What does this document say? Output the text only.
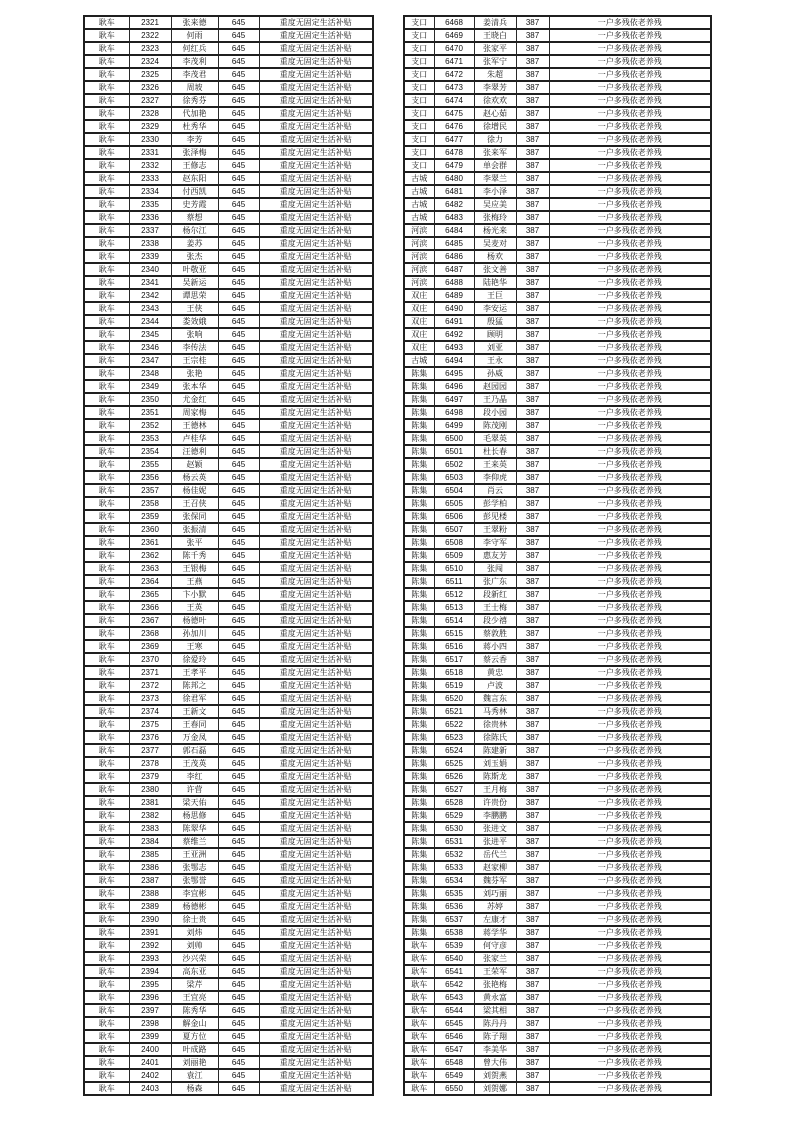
耿车	2321	张来德	645	重度无固定生活补贴
耿车	2322	何雨	645	重度无固定生活补贴
耿车	2323	何红兵	645	重度无固定生活补贴
耿车	2324	李茂利	645	重度无固定生活补贴
耿车	2325	李茂君	645	重度无固定生活补贴
耿车	2326	周坡	645	重度无固定生活补贴
耿车	2327	徐秀芬	645	重度无固定生活补贴
耿车	2328	代加艳	645	重度无固定生活补贴
耿车	2329	杜秀华	645	重度无固定生活补贴
耿车	2330	李芳	645	重度无固定生活补贴
耿车	2331	张泽梅	645	重度无固定生活补贴
耿车	2332	王修志	645	重度无固定生活补贴
耿车	2333	赵东阳	645	重度无固定生活补贴
耿车	2334	付西凯	645	重度无固定生活补贴
耿车	2335	史芳霞	645	重度无固定生活补贴
耿车	2336	蔡想	645	重度无固定生活补贴
耿车	2337	杨尔江	645	重度无固定生活补贴
耿车	2338	姜苏	645	重度无固定生活补贴
耿车	2339	张杰	645	重度无固定生活补贴
耿车	2340	叶敬亚	645	重度无固定生活补贴
耿车	2341	吴新运	645	重度无固定生活补贴
耿车	2342	谭思荣	645	重度无固定生活补贴
耿车	2343	王侠	645	重度无固定生活补贴
耿车	2344	娄效娥	645	重度无固定生活补贴
耿车	2345	张响	645	重度无固定生活补贴
耿车	2346	李传法	645	重度无固定生活补贴
耿车	2347	王宗桂	645	重度无固定生活补贴
耿车	2348	张艳	645	重度无固定生活补贴
耿车	2349	张本华	645	重度无固定生活补贴
耿车	2350	尤金红	645	重度无固定生活补贴
耿车	2351	周家梅	645	重度无固定生活补贴
耿车	2352	王德林	645	重度无固定生活补贴
耿车	2353	卢桂华	645	重度无固定生活补贴
耿车	2354	汪德利	645	重度无固定生活补贴
耿车	2355	赵颖	645	重度无固定生活补贴
耿车	2356	杨云英	645	重度无固定生活补贴
耿车	2357	杨佳妮	645	重度无固定生活补贴
耿车	2358	王召侠	645	重度无固定生活补贴
耿车	2359	张保同	645	重度无固定生活补贴
耿车	2360	张振清	645	重度无固定生活补贴
耿车	2361	张平	645	重度无固定生活补贴
耿车	2362	陈千秀	645	重度无固定生活补贴
耿车	2363	王银梅	645	重度无固定生活补贴
耿车	2364	王燕	645	重度无固定生活补贴
耿车	2365	卞小默	645	重度无固定生活补贴
耿车	2366	王英	645	重度无固定生活补贴
耿车	2367	杨德叶	645	重度无固定生活补贴
耿车	2368	孙加川	645	重度无固定生活补贴
耿车	2369	王寒	645	重度无固定生活补贴
耿车	2370	徐爱玲	645	重度无固定生活补贴
耿车	2371	王孝平	645	重度无固定生活补贴
耿车	2372	陈邦之	645	重度无固定生活补贴
耿车	2373	徐君军	645	重度无固定生活补贴
耿车	2374	王新文	645	重度无固定生活补贴
耿车	2375	王春同	645	重度无固定生活补贴
耿车	2376	万金凤	645	重度无固定生活补贴
耿车	2377	郭石磊	645	重度无固定生活补贴
耿车	2378	王茂英	645	重度无固定生活补贴
耿车	2379	李红	645	重度无固定生活补贴
耿车	2380	许营	645	重度无固定生活补贴
耿车	2381	梁天佑	645	重度无固定生活补贴
耿车	2382	杨思修	645	重度无固定生活补贴
耿车	2383	陈翠华	645	重度无固定生活补贴
耿车	2384	蔡维兰	645	重度无固定生活补贴
耿车	2385	王亚洲	645	重度无固定生活补贴
耿车	2386	张鄂志	645	重度无固定生活补贴
耿车	2387	张鄂誉	645	重度无固定生活补贴
耿车	2388	李宜彬	645	重度无固定生活补贴
耿车	2389	杨德彬	645	重度无固定生活补贴
耿车	2390	徐士贵	645	重度无固定生活补贴
耿车	2391	刘炜	645	重度无固定生活补贴
耿车	2392	刘帅	645	重度无固定生活补贴
耿车	2393	沙兴荣	645	重度无固定生活补贴
耿车	2394	高东亚	645	重度无固定生活补贴
耿车	2395	梁芹	645	重度无固定生活补贴
耿车	2396	王宜亮	645	重度无固定生活补贴
耿车	2397	陈秀华	645	重度无固定生活补贴
耿车	2398	解金山	645	重度无固定生活补贴
耿车	2399	夏方位	645	重度无固定生活补贴
耿车	2400	叶成路	645	重度无固定生活补贴
耿车	2401	刘丽艳	645	重度无固定生活补贴
耿车	2402	袁江	645	重度无固定生活补贴
耿车	2403	杨森	645	重度无固定生活补贴
支口	6468	姜清兵	387	一户多残依老养残
支口	6469	王晓白	387	一户多残依老养残
支口	6470	张家平	387	一户多残依老养残
支口	6471	张军宁	387	一户多残依老养残
支口	6472	朱超	387	一户多残依老养残
支口	6473	李翠芳	387	一户多残依老养残
支口	6474	徐欢欢	387	一户多残依老养残
支口	6475	赵心茹	387	一户多残依老养残
支口	6476	徐增民	387	一户多残依老养残
支口	6477	徐力	387	一户多残依老养残
支口	6478	张来军	387	一户多残依老养残
支口	6479	单会群	387	一户多残依老养残
古城	6480	李翠兰	387	一户多残依老养残
古城	6481	李小泽	387	一户多残依老养残
古城	6482	吴应美	387	一户多残依老养残
古城	6483	张梅玲	387	一户多残依老养残
河滨	6484	杨光来	387	一户多残依老养残
河滨	6485	吴麦对	387	一户多残依老养残
河滨	6486	杨欢	387	一户多残依老养残
河滨	6487	张文善	387	一户多残依老养残
河滨	6488	陆艳华	387	一户多残依老养残
双庄	6489	王巨	387	一户多残依老养残
双庄	6490	李安运	387	一户多残依老养残
双庄	6491	殷猛	387	一户多残依老养残
双庄	6492	顾明	387	一户多残依老养残
双庄	6493	刘亚	387	一户多残依老养残
古城	6494	王永	387	一户多残依老养残
陈集	6495	孙威	387	一户多残依老养残
陈集	6496	赵园园	387	一户多残依老养残
陈集	6497	王乃晶	387	一户多残依老养残
陈集	6498	段小园	387	一户多残依老养残
陈集	6499	陈茂刚	387	一户多残依老养残
陈集	6500	毛翠英	387	一户多残依老养残
陈集	6501	杜长春	387	一户多残依老养残
陈集	6502	王来英	387	一户多残依老养残
陈集	6503	李仰虎	387	一户多残依老养残
陈集	6504	肖云	387	一户多残依老养残
陈集	6505	彭学柏	387	一户多残依老养残
陈集	6506	彭见楼	387	一户多残依老养残
陈集	6507	王翠粉	387	一户多残依老养残
陈集	6508	李守军	387	一户多残依老养残
陈集	6509	惠友芳	387	一户多残依老养残
陈集	6510	张闯	387	一户多残依老养残
陈集	6511	张广东	387	一户多残依老养残
陈集	6512	段新红	387	一户多残依老养残
陈集	6513	王士梅	387	一户多残依老养残
陈集	6514	段少禧	387	一户多残依老养残
陈集	6515	蔡敦胜	387	一户多残依老养残
陈集	6516	蒋小四	387	一户多残依老养残
陈集	6517	蔡云香	387	一户多残依老养残
陈集	6518	黄忠	387	一户多残依老养残
陈集	6519	卢波	387	一户多残依老养残
陈集	6520	魏言东	387	一户多残依老养残
陈集	6521	马秀林	387	一户多残依老养残
陈集	6522	徐贵林	387	一户多残依老养残
陈集	6523	徐陈氏	387	一户多残依老养残
陈集	6524	陈建新	387	一户多残依老养残
陈集	6525	刘玉娟	387	一户多残依老养残
陈集	6526	陈斯龙	387	一户多残依老养残
陈集	6527	王月梅	387	一户多残依老养残
陈集	6528	许贵份	387	一户多残依老养残
陈集	6529	李鹏鹏	387	一户多残依老养残
陈集	6530	张进文	387	一户多残依老养残
陈集	6531	张进平	387	一户多残依老养残
陈集	6532	岳代兰	387	一户多残依老养残
陈集	6533	赵家柳	387	一户多残依老养残
陈集	6534	魏芬军	387	一户多残依老养残
陈集	6535	刘巧丽	387	一户多残依老养残
陈集	6536	苏婷	387	一户多残依老养残
陈集	6537	左康才	387	一户多残依老养残
陈集	6538	蒋学华	387	一户多残依老养残
耿车	6539	何守彦	387	一户多残依老养残
耿车	6540	张家兰	387	一户多残依老养残
耿车	6541	王荣军	387	一户多残依老养残
耿车	6542	张艳梅	387	一户多残依老养残
耿车	6543	黄永富	387	一户多残依老养残
耿车	6544	梁其相	387	一户多残依老养残
耿车	6545	陈丹丹	387	一户多残依老养残
耿车	6546	陈子翔	387	一户多残依老养残
耿车	6547	李美华	387	一户多残依老养残
耿车	6548	曾大伟	387	一户多残依老养残
耿车	6549	刘贺燕	387	一户多残依老养残
耿车	6550	刘贺娜	387	一户多残依老养残
